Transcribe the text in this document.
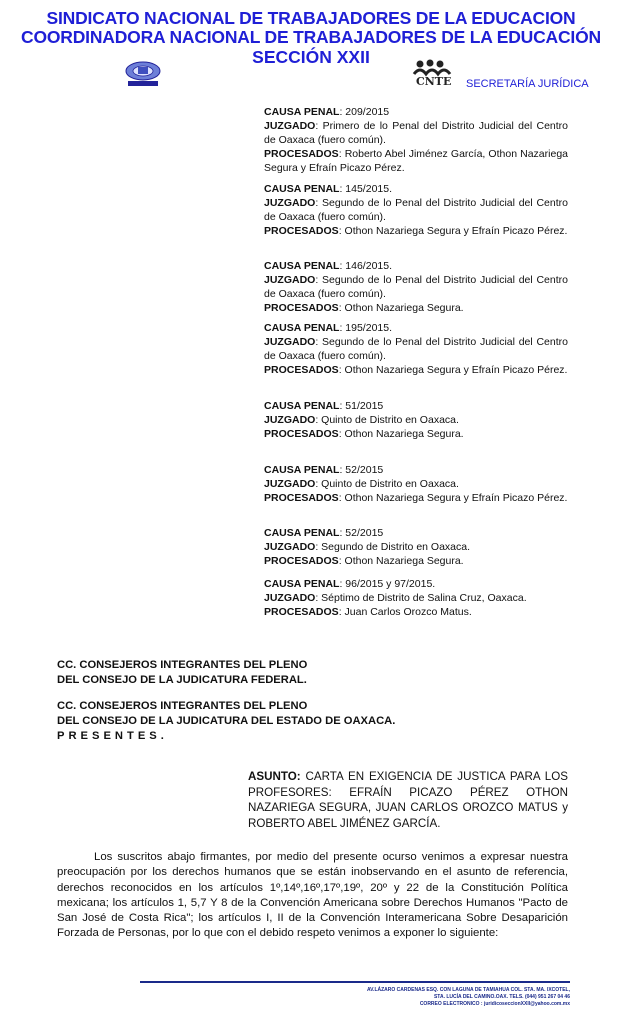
SINDICATO NACIONAL DE TRABAJADORES DE LA EDUCACION
COORDINADORA NACIONAL DE TRABAJADORES DE LA EDUCACIÓN
SECCIÓN XXII
CNTE SECRETARÍA JURÍDICA
CAUSA PENAL: 209/2015
JUZGADO: Primero de lo Penal del Distrito Judicial del Centro de Oaxaca (fuero común).
PROCESADOS: Roberto Abel Jiménez García, Othon Nazariega Segura y Efraín Picazo Pérez.
CAUSA PENAL: 145/2015.
JUZGADO: Segundo de lo Penal del Distrito Judicial del Centro de Oaxaca (fuero común).
PROCESADOS: Othon Nazariega Segura y Efraín Picazo Pérez.
CAUSA PENAL: 146/2015.
JUZGADO: Segundo de lo Penal del Distrito Judicial del Centro de Oaxaca (fuero común).
PROCESADOS: Othon Nazariega Segura.
CAUSA PENAL: 195/2015.
JUZGADO: Segundo de lo Penal del Distrito Judicial del Centro de Oaxaca (fuero común).
PROCESADOS: Othon Nazariega Segura y Efraín Picazo Pérez.
CAUSA PENAL: 51/2015
JUZGADO: Quinto de Distrito en Oaxaca.
PROCESADOS: Othon Nazariega Segura.
CAUSA PENAL: 52/2015
JUZGADO: Quinto de Distrito en Oaxaca.
PROCESADOS: Othon Nazariega Segura y Efraín Picazo Pérez.
CAUSA PENAL: 52/2015
JUZGADO: Segundo de Distrito en Oaxaca.
PROCESADOS: Othon Nazariega Segura.
CAUSA PENAL: 96/2015 y 97/2015.
JUZGADO: Séptimo de Distrito de Salina Cruz, Oaxaca.
PROCESADOS: Juan Carlos Orozco Matus.
CC. CONSEJEROS INTEGRANTES DEL PLENO
DEL CONSEJO DE LA JUDICATURA FEDERAL.
CC. CONSEJEROS INTEGRANTES DEL PLENO
DEL CONSEJO DE LA JUDICATURA DEL ESTADO DE OAXACA.
PRESENTES.
ASUNTO: CARTA EN EXIGENCIA DE JUSTICA PARA LOS PROFESORES: EFRAÍN PICAZO PÉREZ OTHON NAZARIEGA SEGURA, JUAN CARLOS OROZCO MATUS y ROBERTO ABEL JIMÉNEZ GARCÍA.
Los suscritos abajo firmantes, por medio del presente ocurso venimos a expresar nuestra preocupación por los derechos humanos que se están inobservando en el asunto de referencia, derechos reconocidos en los artículos 1º,14º,16º,17º,19º, 20º y 22 de la Constitución Política mexicana; los artículos 1, 5,7 Y 8 de la Convención Americana sobre Derechos Humanos "Pacto de San José de Costa Rica"; los artículos I, II de la Convención Interamericana Sobre Desaparición Forzada de Personas, por lo que con el debido respeto venimos a exponer lo siguiente:
AV.LÁZARO CARDENAS ESQ. CON LAGUNA DE TAMIAHUA COL. STA. MA. IXCOTEL,
STA. LUCÍA DEL CAMINO.OAX. TELS. (044) 951 267 04 46
CORREO ELECTRONICO : juridicoseccionXXII@yahoo.com.mx
